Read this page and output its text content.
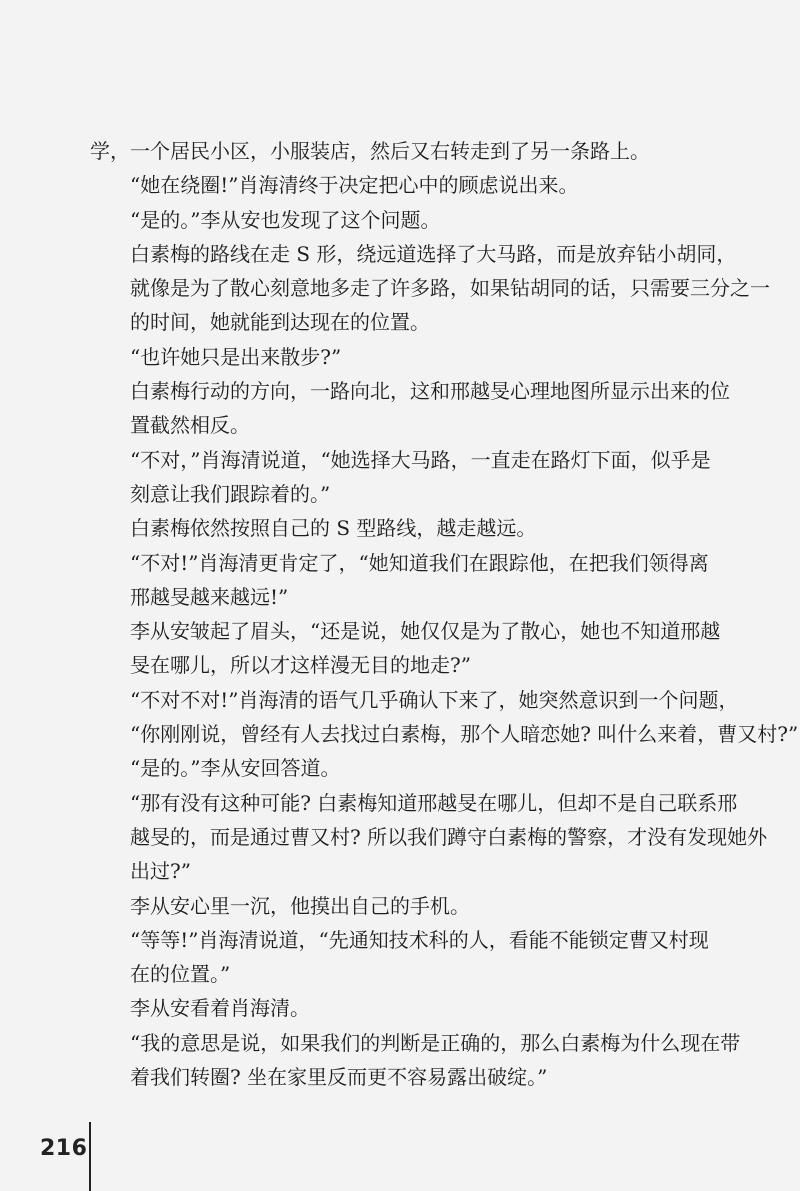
学，一个居民小区，小服装店，然后又右转走到了另一条路上。

“她在绕圈!”肖海清终于决定把心中的顾虑说出来。

“是的。”李从安也发现了这个问题。

白素梅的路线在走 S 形，绕远道选择了大马路，而是放弃钻小胡同，
就像是为了散心刻意地多走了许多路，如果钻胡同的话，只需要三分之一
的时间，她就能到达现在的位置。

“也许她只是出来散步?”

白素梅行动的方向，一路向北，这和邢越旻心理地图所显示出来的位
置截然相反。

“不对，”肖海清说道，“她选择大马路，一直走在路灯下面，似乎是
刻意让我们跟踪着的。”

白素梅依然按照自己的 S 型路线，越走越远。

“不对!”肖海清更肯定了，“她知道我们在跟踪他，在把我们领得离
邢越旻越来越远!”

李从安皱起了眉头，“还是说，她仅仅是为了散心，她也不知道邢越
旻在哪儿，所以才这样漫无目的地走?”

“不对不对!”肖海清的语气几乎确认下来了，她突然意识到一个问题，
“你刚刚说，曾经有人去找过白素梅，那个人暗恋她? 叫什么来着，曹又村?”

“是的。”李从安回答道。

“那有没有这种可能? 白素梅知道邢越旻在哪儿，但却不是自己联系邢
越旻的，而是通过曹又村? 所以我们蹲守白素梅的警察，才没有发现她外
出过?”

李从安心里一沉，他摸出自己的手机。

“等等!”肖海清说道，“先通知技术科的人，看能不能锁定曹又村现
在的位置。”

李从安看着肖海清。

“我的意思是说，如果我们的判断是正确的，那么白素梅为什么现在带
着我们转圈? 坐在家里反而更不容易露出破绽。”

216
